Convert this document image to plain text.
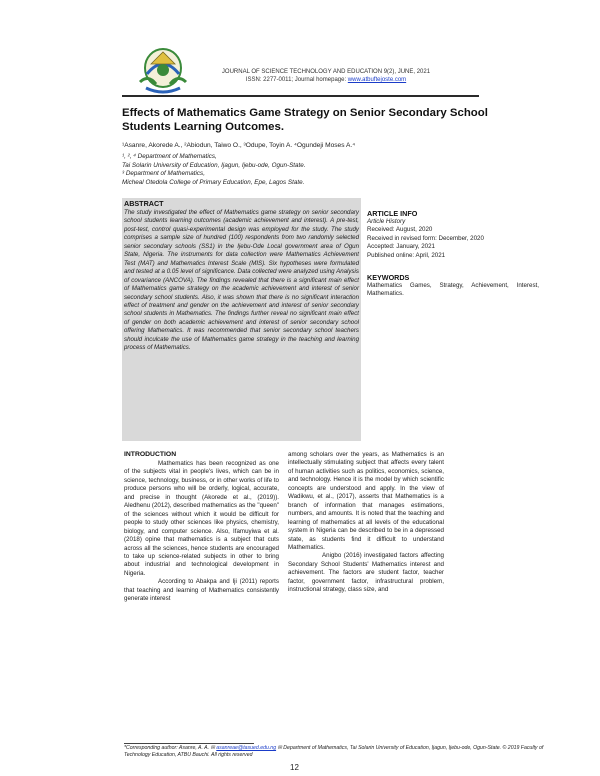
JOURNAL OF SCIENCE TECHNOLOGY AND EDUCATION 9(2), JUNE, 2021
ISSN: 2277-0011; Journal homepage: www.atbuftejoste.com
Effects of Mathematics Game Strategy on Senior Secondary School Students Learning Outcomes.
¹Asanre, Akorede A., ²Abiodun, Taiwo O., ³Odupe, Toyin A. ⁴Ogundeji Moses A.⁴
¹, ², ⁴ Department of Mathematics,
Tai Solarin University of Education, Ijagun, Ijebu-ode, Ogun-State.
³ Department of Mathematics,
Micheal Otedola College of Primary Education, Epe, Lagos State.
ABSTRACT
The study investigated the effect of Mathematics game strategy on senior secondary school students learning outcomes (academic achievement and interest). A pre-test, post-test, control quasi-experimental design was employed for the study. The study comprises a sample size of hundred (100) respondents from two randomly selected senior secondary schools (SS1) in the Ijebu-Ode Local government area of Ogun State, Nigeria. The instruments for data collection were Mathematics Achievement Test (MAT) and Mathematics Interest Scale (MIS). Six hypotheses were formulated and tested at a 0.05 level of significance. Data collected were analyzed using Analysis of covariance (ANCOVA). The findings revealed that there is a significant main effect of Mathematics game strategy on the academic achievement and interest of senior secondary school students. Also, it was shown that there is no significant interaction effect of treatment and gender on the achievement and interest of senior secondary school students in Mathematics. The findings further reveal no significant main effect of gender on both academic achievement and interest of senior secondary school offering Mathematics. It was recommended that senior secondary school teachers should inculcate the use of Mathematics game strategy in the teaching and learning process of Mathematics.
ARTICLE INFO
Article History
Received: August, 2020
Received in revised form: December, 2020
Accepted: January, 2021
Published online: April, 2021
KEYWORDS
Mathematics Games, Strategy, Achievement, Interest, Mathematics.
INTRODUCTION

Mathematics has been recognized as one of the subjects vital in people's lives, which can be in science, technology, business, or in other works of life to produce persons who will be orderly, logical, accurate, and precise in thought (Akorede et al., (2019)). Aledhenu (2012), described mathematics as the "queen" of the sciences without which it would be difficult for people to study other sciences like physics, chemistry, biology, and computer science. Also, Ifamuyiwa et al.(2018) opine that mathematics is a subject that cuts across all the sciences, hence students are encouraged to take up science-related subjects in other to bring about industrial and technological development in Nigeria.

According to Abakpa and Iji (2011) reports that teaching and learning of Mathematics consistently generate interest

among scholars over the years, as Mathematics is an intellectually stimulating subject that affects every talent of human activities such as politics, economics, science, and technology. Hence it is the model by which scientific concepts are understood and apply. In the view of Wadikwu, et al., (2017), asserts that Mathematics is a branch of information that manages estimations, numbers, and amounts. It is noted that the teaching and learning of mathematics at all levels of the educational system in Nigeria can be described to be in a depressed state, as students find it difficult to understand Mathematics.

Anigbo (2016) investigated factors affecting Secondary School Students' Mathematics interest and achievement. The factors are student factor, teacher factor, government factor, infrastructural problem, instructional strategy, class size, and

*Corresponding author: Asanre, A. A. ✉ asanreae@tasued.edu.ng ✉ Department of Mathematics, Tai Solarin University of Education, Ijagun, Ijebu-ode, Ogun-State. © 2019 Faculty of Technology Education, ATBU Bauchi. All rights reserved
12
